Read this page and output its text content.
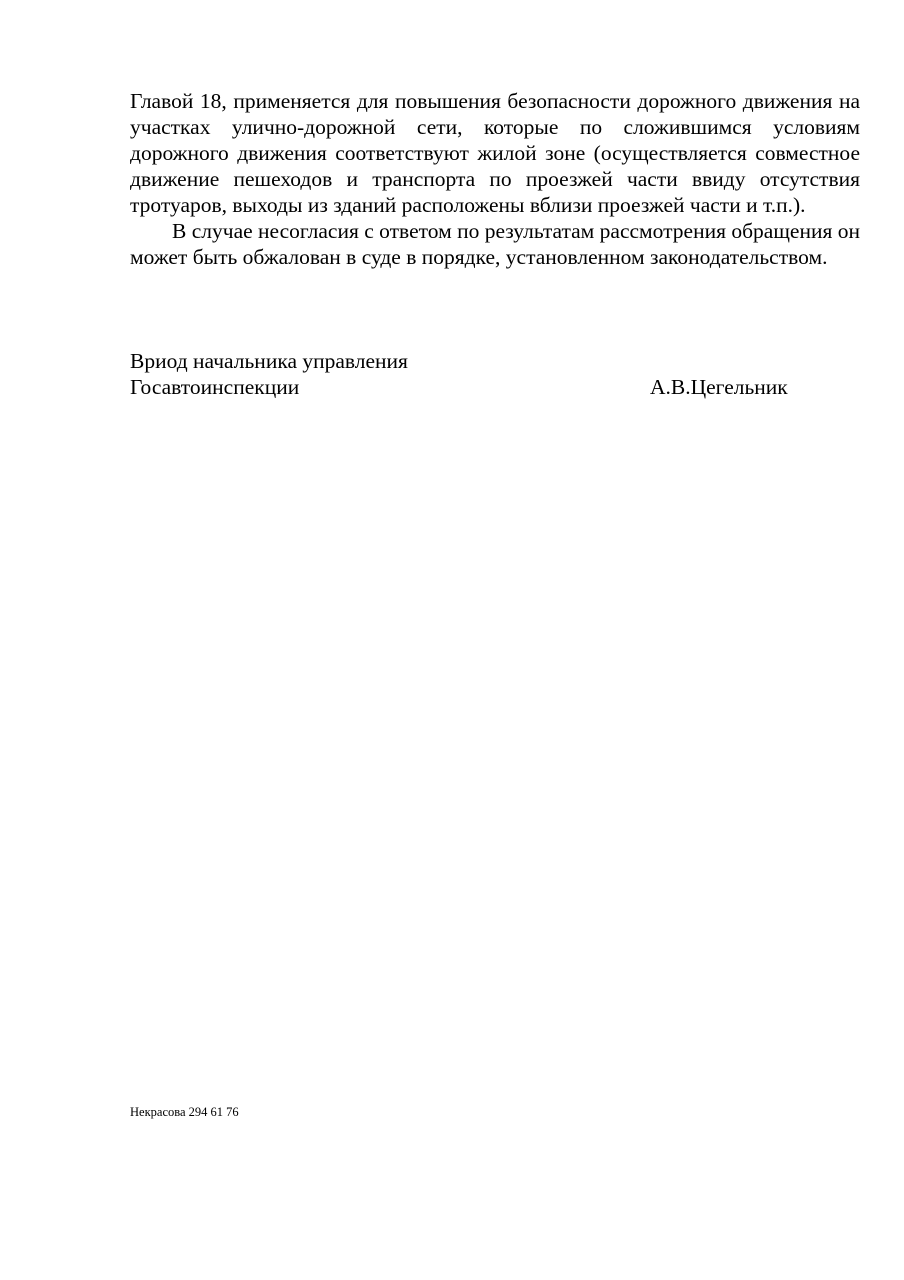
Главой 18, применяется для повышения безопасности дорожного движения на участках улично-дорожной сети, которые по сложившимся условиям дорожного движения соответствуют жилой зоне (осуществляется совместное движение пешеходов и транспорта по проезжей части ввиду отсутствия тротуаров, выходы из зданий расположены вблизи проезжей части и т.п.).

В случае несогласия с ответом по результатам рассмотрения обращения он может быть обжалован в суде в порядке, установленном законодательством.

Вриод начальника управления
Госавтоинспекции	А.В.Цегельник
Некрасова 294 61 76
